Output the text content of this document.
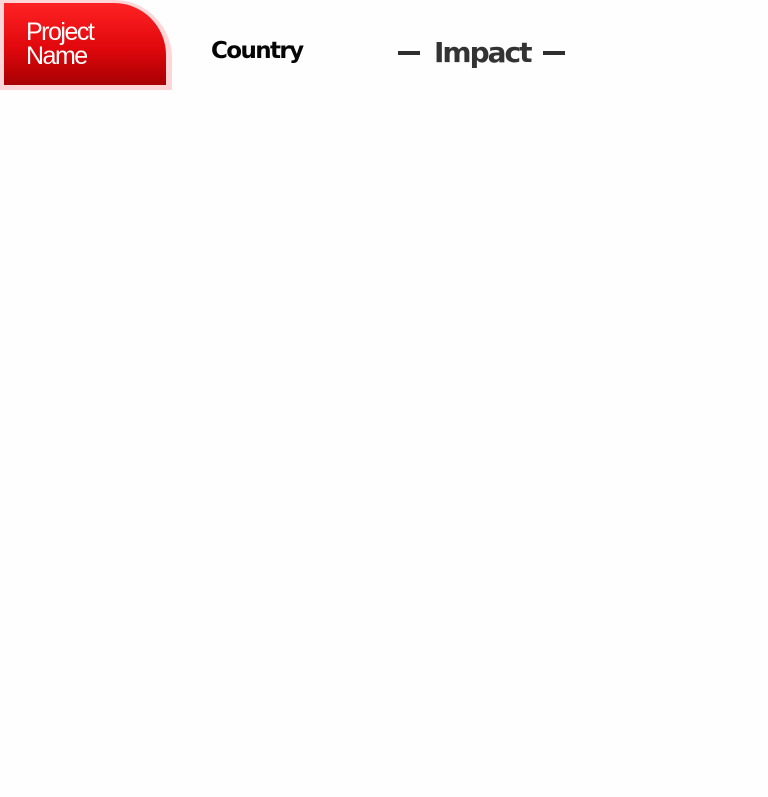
Project
Name	Country	Impact
